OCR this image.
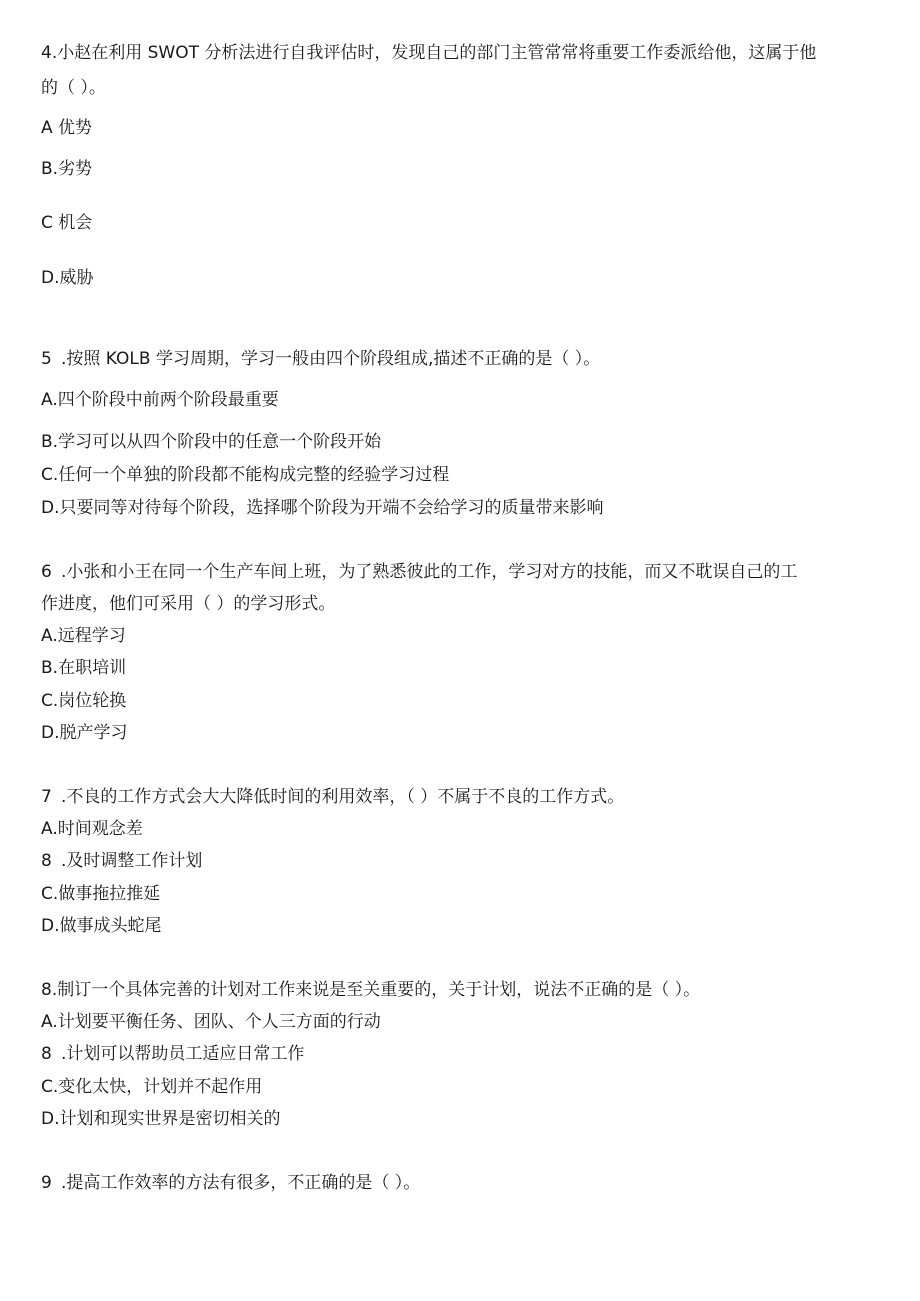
4.小赵在利用 SWOT 分析法进行自我评估时，发现自己的部门主管常常将重要工作委派给他，这属于他
的（ ）。
A 优势
B.劣势
C 机会
D.威胁
5 .按照 KOLB 学习周期，学习一般由四个阶段组成,描述不正确的是（ ）。
A.四个阶段中前两个阶段最重要
B.学习可以从四个阶段中的任意一个阶段开始
C.任何一个单独的阶段都不能构成完整的经验学习过程
D.只要同等对待每个阶段，选择哪个阶段为开端不会给学习的质量带来影响
6 .小张和小王在同一个生产车间上班，为了熟悉彼此的工作，学习对方的技能，而又不耽误自己的工
作进度，他们可采用（ ）的学习形式。
A.远程学习
B.在职培训
C.岗位轮换
D.脱产学习
7 .不良的工作方式会大大降低时间的利用效率，（ ）不属于不良的工作方式。
A.时间观念差
8 .及时调整工作计划
C.做事拖拉推延
D.做事成头蛇尾
8.制订一个具体完善的计划对工作来说是至关重要的，关于计划，说法不正确的是（ ）。
A.计划要平衡任务、团队、个人三方面的行动
8 .计划可以帮助员工适应日常工作
C.变化太快，计划并不起作用
D.计划和现实世界是密切相关的
9 .提高工作效率的方法有很多，不正确的是（ ）。
